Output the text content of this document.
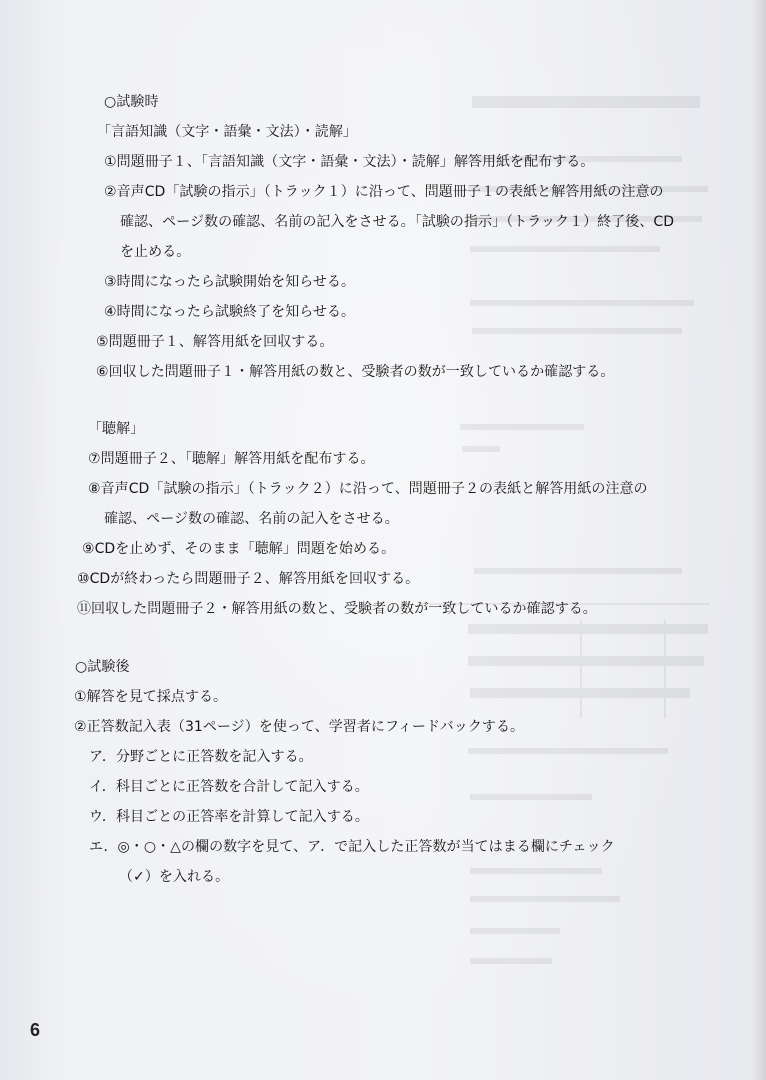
○試験時
「言語知識（文字・語彙・文法）・読解」
①問題冊子１、「言語知識（文字・語彙・文法）・読解」解答用紙を配布する。
②音声CD「試験の指示」（トラック１）に沿って、問題冊子１の表紙と解答用紙の注意の
確認、ページ数の確認、名前の記入をさせる。「試験の指示」（トラック１）終了後、CD
を止める。
③時間になったら試験開始を知らせる。
④時間になったら試験終了を知らせる。
⑤問題冊子１、解答用紙を回収する。
⑥回収した問題冊子１・解答用紙の数と、受験者の数が一致しているか確認する。
「聴解」
⑦問題冊子２、「聴解」解答用紙を配布する。
⑧音声CD「試験の指示」（トラック２）に沿って、問題冊子２の表紙と解答用紙の注意の
確認、ページ数の確認、名前の記入をさせる。
⑨CDを止めず、そのまま「聴解」問題を始める。
⑩CDが終わったら問題冊子２、解答用紙を回収する。
⑪回収した問題冊子２・解答用紙の数と、受験者の数が一致しているか確認する。
○試験後
①解答を見て採点する。
②正答数記入表（31ページ）を使って、学習者にフィードバックする。
ア．分野ごとに正答数を記入する。
イ．科目ごとに正答数を合計して記入する。
ウ．科目ごとの正答率を計算して記入する。
エ．◎・○・△の欄の数字を見て、ア．で記入した正答数が当てはまる欄にチェック
（✓）を入れる。
6
